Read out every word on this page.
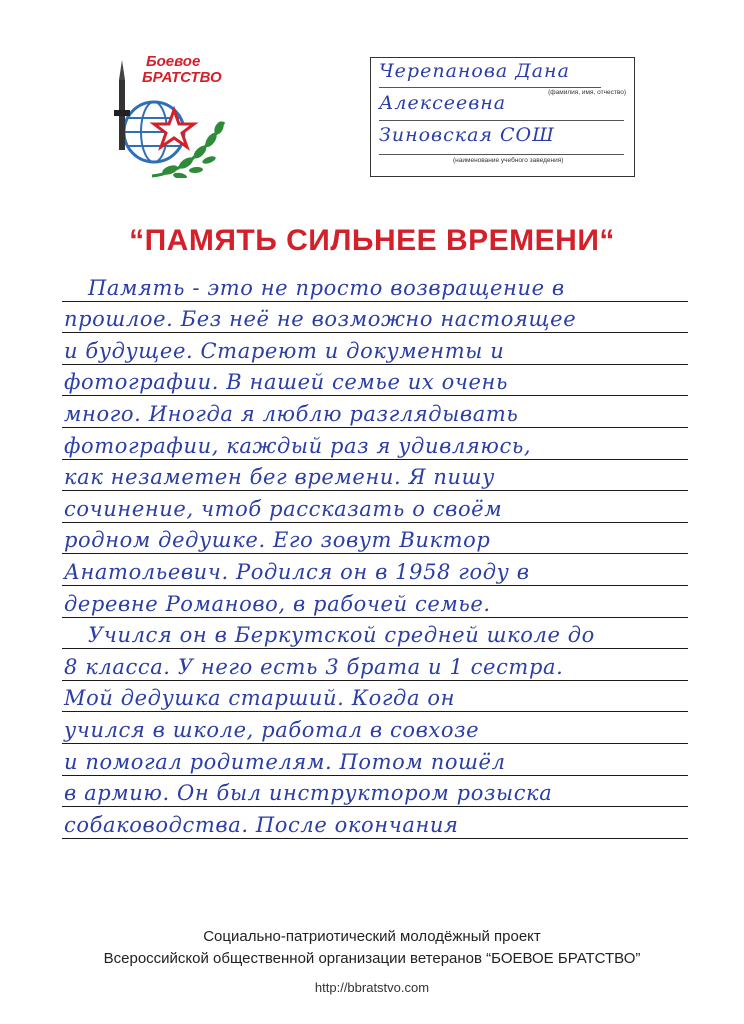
Боевое
БРАТСТВО	Черепанова Дана
(фамилия, имя, отчество)
Алексеевна
Зиновская СОШ
(наименование учебного заведения)
“ПАМЯТЬ СИЛЬНЕЕ ВРЕМЕНИ“
Память - это не просто возвращение в
прошлое. Без неё не возможно настоящее
и будущее. Стареют и документы и
фотографии. В нашей семье их очень
много. Иногда я люблю разглядывать
фотографии, каждый раз я удивляюсь,
как незаметен бег времени. Я пишу
сочинение, чтоб рассказать о своём
родном дедушке. Его зовут Виктор
Анатольевич. Родился он в 1958 году в
деревне Романово, в рабочей семье.
Учился он в Беркутской средней школе до
8 класса. У него есть 3 брата и 1 сестра.
Мой дедушка старший. Когда он
учился в школе, работал в совхозе
и помогал родителям. Потом пошёл
в армию. Он был инструктором розыска
собаководства. После окончания
Социально-патриотический молодёжный проект
Всероссийской общественной организации ветеранов “БОЕВОЕ БРАТСТВО”
http://bbratstvo.com
